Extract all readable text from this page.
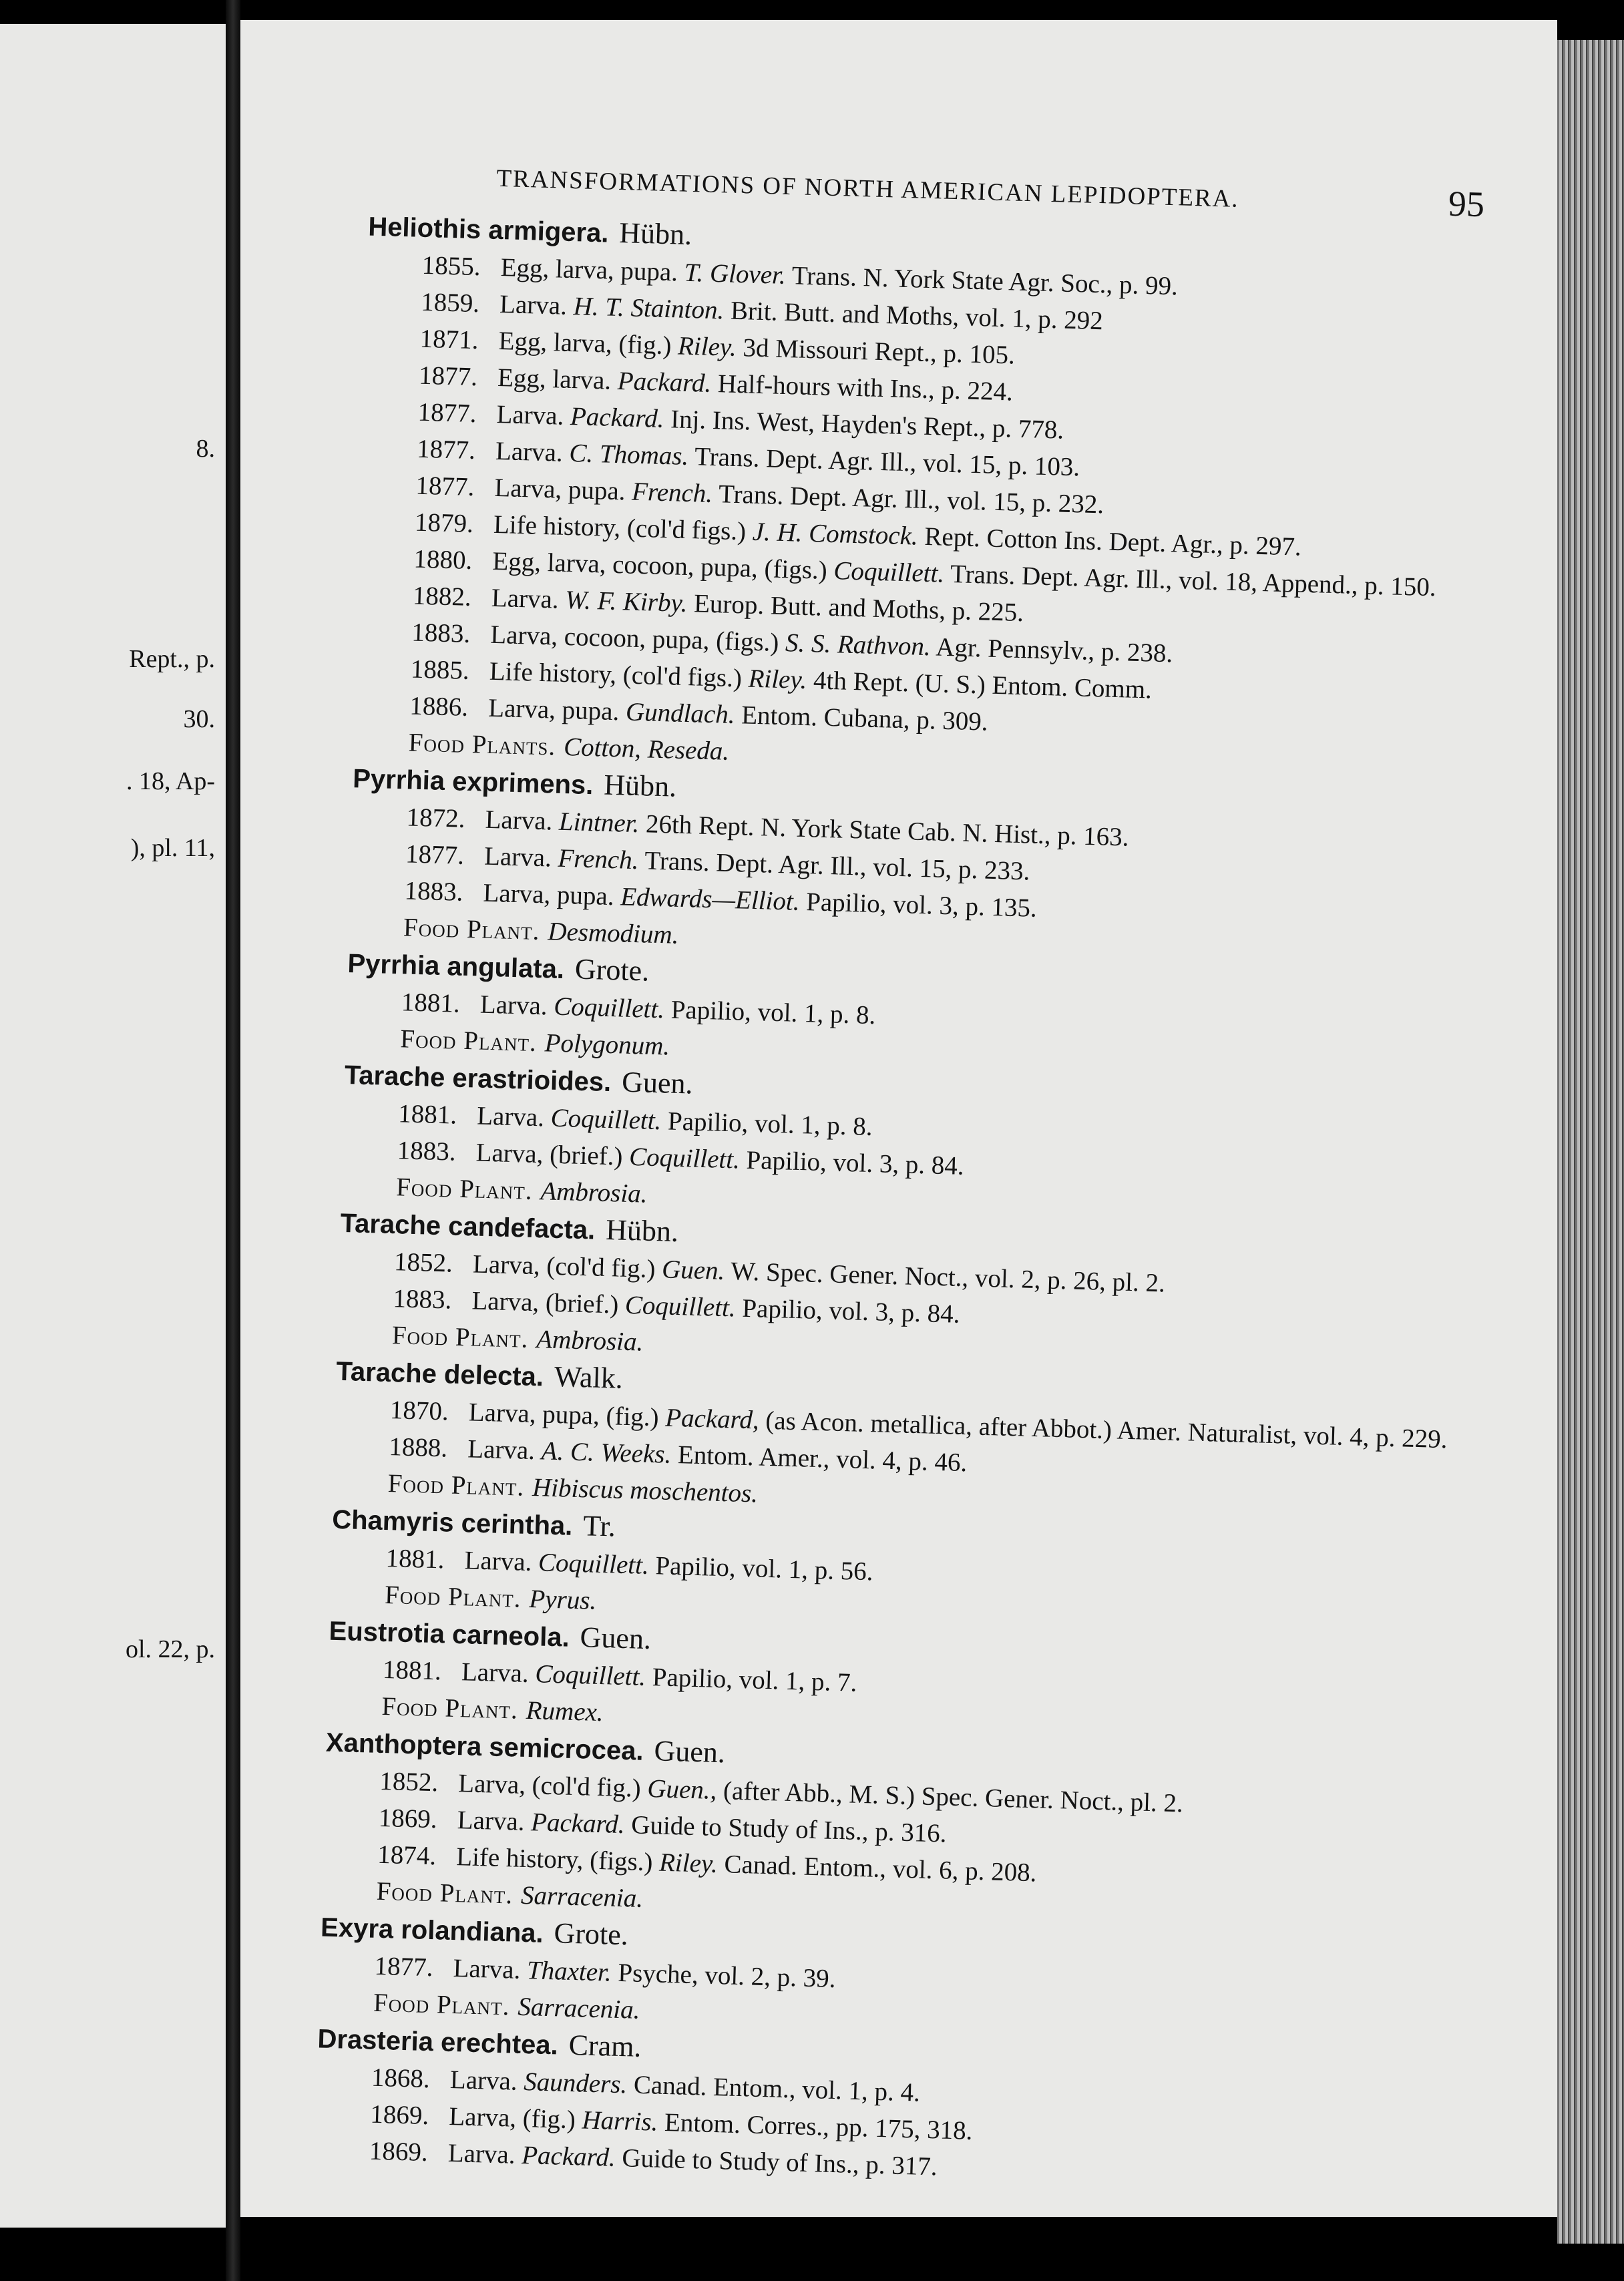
8.
Rept., p.
30.
. 18, Ap-
), pl. 11,
ol. 22, p.
TRANSFORMATIONS OF NORTH AMERICAN LEPIDOPTERA.	95
Heliothis armigera. Hübn.
1855. Egg, larva, pupa. T. Glover. Trans. N. York State Agr. Soc., p. 99.
1859. Larva. H. T. Stainton. Brit. Butt. and Moths, vol. 1, p. 292
1871. Egg, larva, (fig.) Riley. 3d Missouri Rept., p. 105.
1877. Egg, larva. Packard. Half-hours with Ins., p. 224.
1877. Larva. Packard. Inj. Ins. West, Hayden's Rept., p. 778.
1877. Larva. C. Thomas. Trans. Dept. Agr. Ill., vol. 15, p. 103.
1877. Larva, pupa. French. Trans. Dept. Agr. Ill., vol. 15, p. 232.
1879. Life history, (col'd figs.) J. H. Comstock. Rept. Cotton Ins. Dept. Agr., p. 297.
1880. Egg, larva, cocoon, pupa, (figs.) Coquillett. Trans. Dept. Agr. Ill., vol. 18, Append., p. 150.
1882. Larva. W. F. Kirby. Europ. Butt. and Moths, p. 225.
1883. Larva, cocoon, pupa, (figs.) S. S. Rathvon. Agr. Pennsylv., p. 238.
1885. Life history, (col'd figs.) Riley. 4th Rept. (U. S.) Entom. Comm.
1886. Larva, pupa. Gundlach. Entom. Cubana, p. 309.
Food Plants. Cotton, Reseda.
Pyrrhia exprimens. Hübn.
1872. Larva. Lintner. 26th Rept. N. York State Cab. N. Hist., p. 163.
1877. Larva. French. Trans. Dept. Agr. Ill., vol. 15, p. 233.
1883. Larva, pupa. Edwards—Elliot. Papilio, vol. 3, p. 135.
Food Plant. Desmodium.
Pyrrhia angulata. Grote.
1881. Larva. Coquillett. Papilio, vol. 1, p. 8.
Food Plant. Polygonum.
Tarache erastrioides. Guen.
1881. Larva. Coquillett. Papilio, vol. 1, p. 8.
1883. Larva, (brief.) Coquillett. Papilio, vol. 3, p. 84.
Food Plant. Ambrosia.
Tarache candefacta. Hübn.
1852. Larva, (col'd fig.) Guen. W. Spec. Gener. Noct., vol. 2, p. 26, pl. 2.
1883. Larva, (brief.) Coquillett. Papilio, vol. 3, p. 84.
Food Plant. Ambrosia.
Tarache delecta. Walk.
1870. Larva, pupa, (fig.) Packard, (as Acon. metallica, after Abbot.) Amer. Naturalist, vol. 4, p. 229.
1888. Larva. A. C. Weeks. Entom. Amer., vol. 4, p. 46.
Food Plant. Hibiscus moschentos.
Chamyris cerintha. Tr.
1881. Larva. Coquillett. Papilio, vol. 1, p. 56.
Food Plant. Pyrus.
Eustrotia carneola. Guen.
1881. Larva. Coquillett. Papilio, vol. 1, p. 7.
Food Plant. Rumex.
Xanthoptera semicrocea. Guen.
1852. Larva, (col'd fig.) Guen., (after Abb., M. S.) Spec. Gener. Noct., pl. 2.
1869. Larva. Packard. Guide to Study of Ins., p. 316.
1874. Life history, (figs.) Riley. Canad. Entom., vol. 6, p. 208.
Food Plant. Sarracenia.
Exyra rolandiana. Grote.
1877. Larva. Thaxter. Psyche, vol. 2, p. 39.
Food Plant. Sarracenia.
Drasteria erechtea. Cram.
1868. Larva. Saunders. Canad. Entom., vol. 1, p. 4.
1869. Larva, (fig.) Harris. Entom. Corres., pp. 175, 318.
1869. Larva. Packard. Guide to Study of Ins., p. 317.
